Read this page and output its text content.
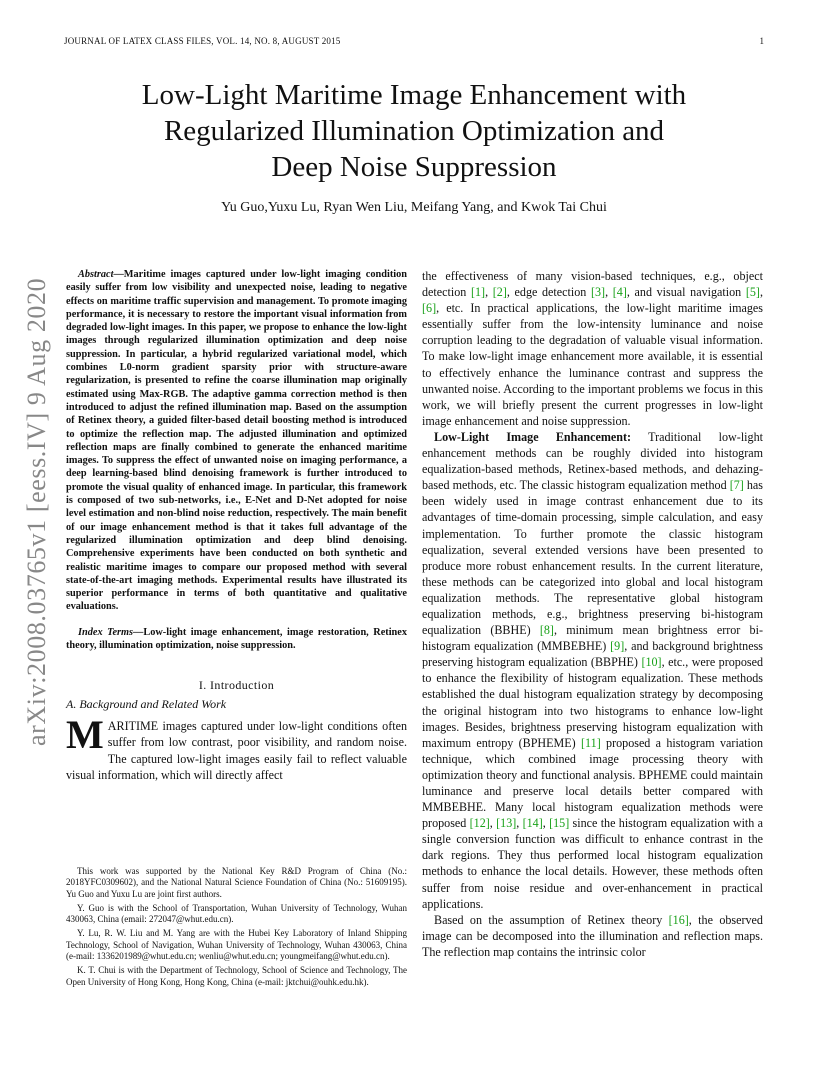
JOURNAL OF LATEX CLASS FILES, VOL. 14, NO. 8, AUGUST 2015	1
arXiv:2008.03765v1 [eess.IV] 9 Aug 2020
Low-Light Maritime Image Enhancement with
Regularized Illumination Optimization and
Deep Noise Suppression
Yu Guo,Yuxu Lu, Ryan Wen Liu, Meifang Yang, and Kwok Tai Chui

Abstract—Maritime images captured under low-light imaging condition easily suffer from low visibility and unexpected noise, leading to negative effects on maritime traffic supervision and management. To promote imaging performance, it is necessary to restore the important visual information from degraded low-light images. In this paper, we propose to enhance the low-light images through regularized illumination optimization and deep noise suppression. In particular, a hybrid regularized variational model, which combines L0-norm gradient sparsity prior with structure-aware regularization, is presented to refine the coarse illumination map originally estimated using Max-RGB. The adaptive gamma correction method is then introduced to adjust the refined illumination map. Based on the assumption of Retinex theory, a guided filter-based detail boosting method is introduced to optimize the reflection map. The adjusted illumination and optimized reflection maps are finally combined to generate the enhanced maritime images. To suppress the effect of unwanted noise on imaging performance, a deep learning-based blind denoising framework is further introduced to promote the visual quality of enhanced image. In particular, this framework is composed of two sub-networks, i.e., E-Net and D-Net adopted for noise level estimation and non-blind noise reduction, respectively. The main benefit of our image enhancement method is that it takes full advantage of the regularized illumination optimization and deep blind denoising. Comprehensive experiments have been conducted on both synthetic and realistic maritime images to compare our proposed method with several state-of-the-art imaging methods. Experimental results have illustrated its superior performance in terms of both quantitative and qualitative evaluations.

Index Terms—Low-light image enhancement, image restoration, Retinex theory, illumination optimization, noise suppression.

I. Introduction
A. Background and Related Work

MARITIME images captured under low-light conditions often suffer from low contrast, poor visibility, and random noise. The captured low-light images easily fail to reflect valuable visual information, which will directly affect

This work was supported by the National Key R&D Program of China (No.: 2018YFC0309602), and the National Natural Science Foundation of China (No.: 51609195). Yu Guo and Yuxu Lu are joint first authors.

Y. Guo is with the School of Transportation, Wuhan University of Technology, Wuhan 430063, China (email: 272047@whut.edu.cn).

Y. Lu, R. W. Liu and M. Yang are with the Hubei Key Laboratory of Inland Shipping Technology, School of Navigation, Wuhan University of Technology, Wuhan 430063, China (e-mail: 1336201989@whut.edu.cn; wenliu@whut.edu.cn; youngmeifang@whut.edu.cn).

K. T. Chui is with the Department of Technology, School of Science and Technology, The Open University of Hong Kong, Hong Kong, China (e-mail: jktchui@ouhk.edu.hk).

the effectiveness of many vision-based techniques, e.g., object detection [1], [2], edge detection [3], [4], and visual navigation [5], [6], etc. In practical applications, the low-light maritime images essentially suffer from the low-intensity luminance and noise corruption leading to the degradation of valuable visual information. To make low-light image enhancement more available, it is essential to effectively enhance the luminance contrast and suppress the unwanted noise. According to the important problems we focus in this work, we will briefly present the current progresses in low-light image enhancement and noise suppression.

Low-Light Image Enhancement: Traditional low-light enhancement methods can be roughly divided into histogram equalization-based methods, Retinex-based methods, and dehazing-based methods, etc. The classic histogram equalization method [7] has been widely used in image contrast enhancement due to its advantages of time-domain processing, simple calculation, and easy implementation. To further promote the classic histogram equalization, several extended versions have been presented to produce more robust enhancement results. In the current literature, these methods can be categorized into global and local histogram equalization methods. The representative global histogram equalization methods, e.g., brightness preserving bi-histogram equalization (BBHE) [8], minimum mean brightness error bi-histogram equalization (MMBEBHE) [9], and background brightness preserving histogram equalization (BBPHE) [10], etc., were proposed to enhance the flexibility of histogram equalization. These methods established the dual histogram equalization strategy by decomposing the original histogram into two histograms to enhance low-light images. Besides, brightness preserving histogram equalization with maximum entropy (BPHEME) [11] proposed a histogram variation technique, which combined image processing theory with optimization theory and functional analysis. BPHEME could maintain luminance and preserve local details better compared with MMBEBHE. Many local histogram equalization methods were proposed [12], [13], [14], [15] since the histogram equalization with a single conversion function was difficult to enhance contrast in the dark regions. They thus performed local histogram equalization methods to enhance the local details. However, these methods often suffer from noise residue and over-enhancement in practical applications.

Based on the assumption of Retinex theory [16], the observed image can be decomposed into the illumination and reflection maps. The reflection map contains the intrinsic color
